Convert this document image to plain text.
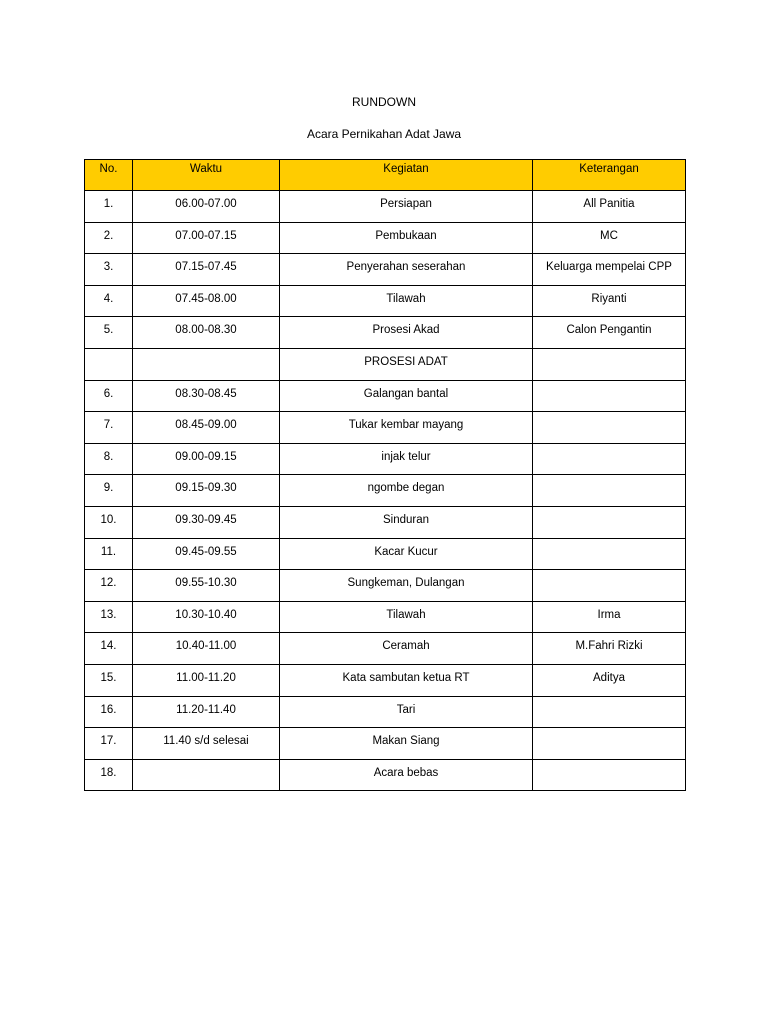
RUNDOWN
Acara Pernikahan Adat Jawa
No.	Waktu	Kegiatan	Keterangan
1.	06.00-07.00	Persiapan	All Panitia
2.	07.00-07.15	Pembukaan	MC
3.	07.15-07.45	Penyerahan seserahan	Keluarga mempelai CPP
4.	07.45-08.00	Tilawah	Riyanti
5.	08.00-08.30	Prosesi Akad	Calon Pengantin
		PROSESI ADAT	
6.	08.30-08.45	Galangan bantal	
7.	08.45-09.00	Tukar kembar mayang	
8.	09.00-09.15	injak telur	
9.	09.15-09.30	ngombe degan	
10.	09.30-09.45	Sinduran	
11.	09.45-09.55	Kacar Kucur	
12.	09.55-10.30	Sungkeman, Dulangan	
13.	10.30-10.40	Tilawah	Irma
14.	10.40-11.00	Ceramah	M.Fahri Rizki
15.	11.00-11.20	Kata sambutan ketua RT	Aditya
16.	11.20-11.40	Tari	
17.	11.40 s/d selesai	Makan Siang	
18.		Acara bebas	
